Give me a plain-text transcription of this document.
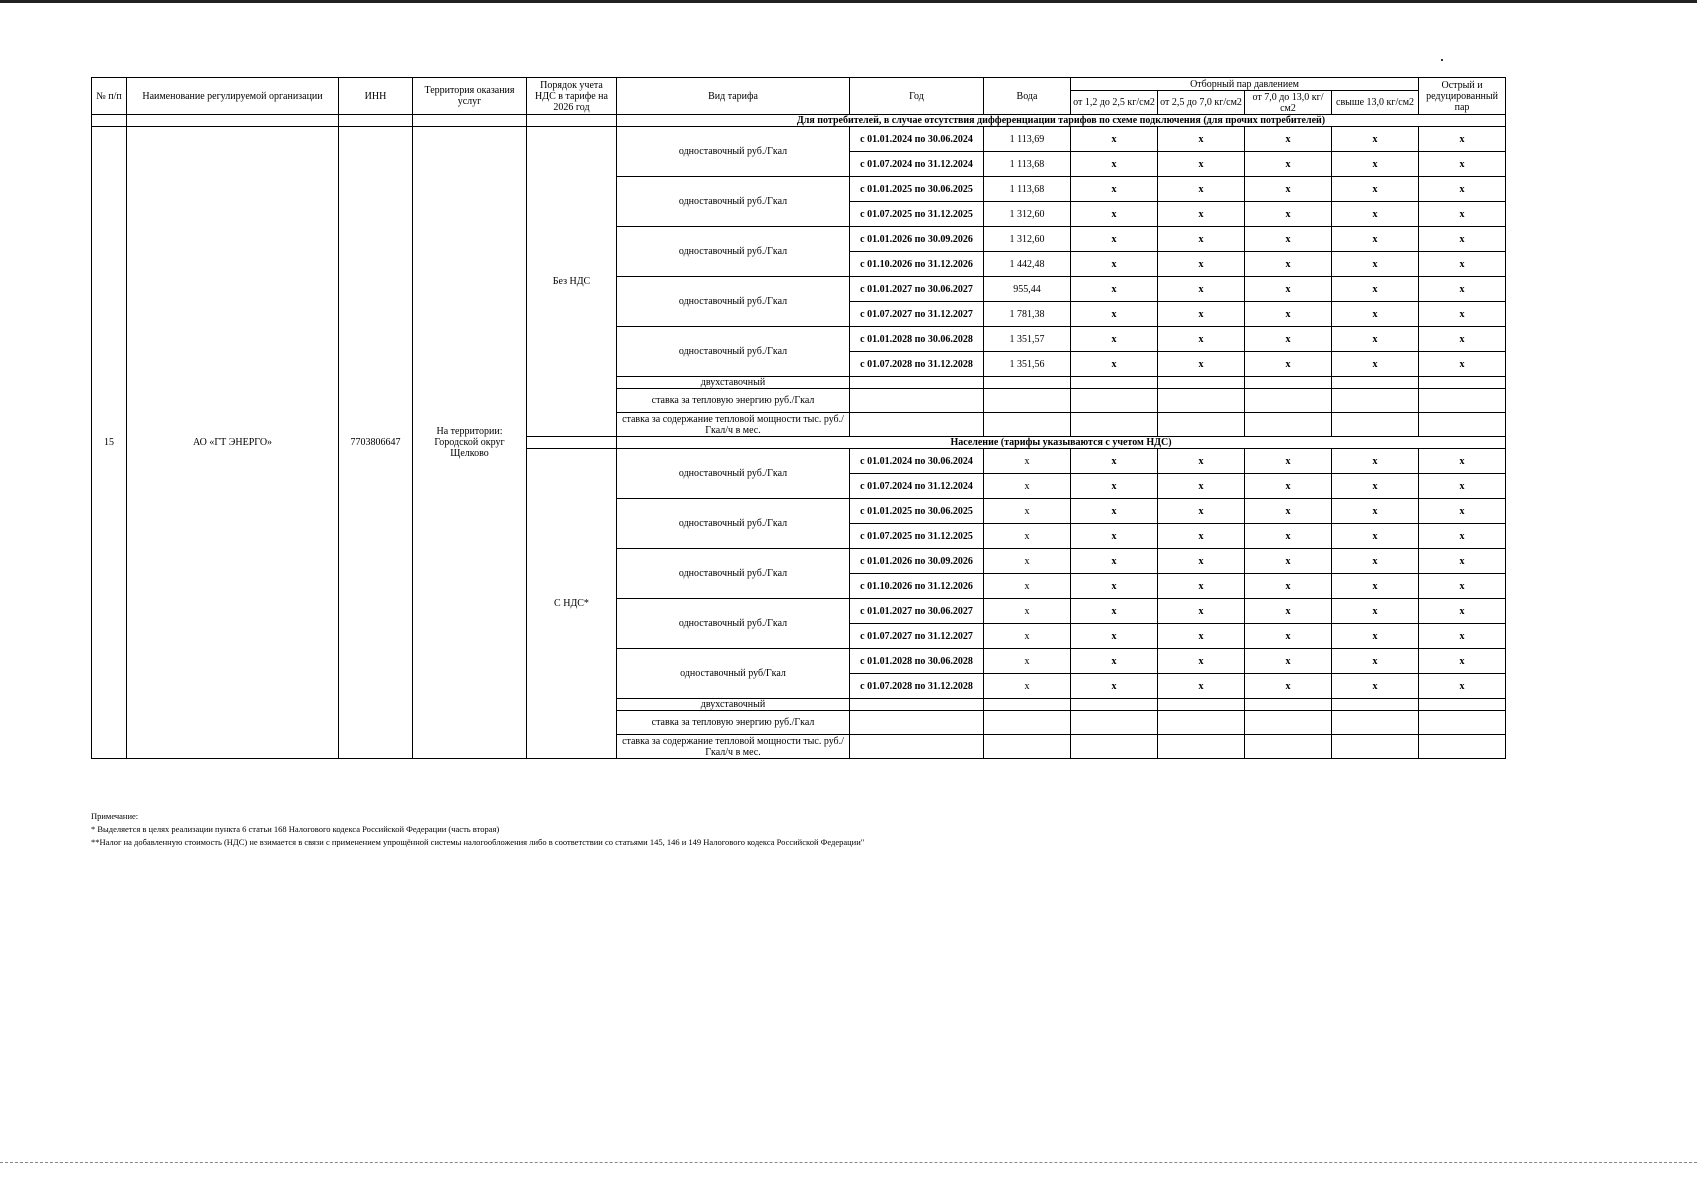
№ п/п	Наименование регулируемой организации	ИНН	Территория оказания услуг	Порядок учета НДС в тарифе на 2026 год	Вид тарифа	Год	Вода	Отборный пар давлением				Острый и редуцированный пар
								от 1,2 до 2,5 кг/см2	от 2,5 до 7,0 кг/см2	от 7,0 до 13,0 кг/см2	свыше 13,0 кг/см2	
					Для потребителей, в случае отсутствия дифференциации тарифов по схеме подключения (для прочих потребителей)							
15	АО «ГТ ЭНЕРГО»	7703806647	На территории: Городской округ Щелково	Без НДС	одноставочный руб./Гкал	с 01.01.2024 по 30.06.2024	1 113,69	x	x	x	x	x
						с 01.07.2024 по 31.12.2024	1 113,68	x	x	x	x	x
					одноставочный руб./Гкал	с 01.01.2025 по 30.06.2025	1 113,68	x	x	x	x	x
						с 01.07.2025 по 31.12.2025	1 312,60	x	x	x	x	x
					одноставочный руб./Гкал	с 01.01.2026 по 30.09.2026	1 312,60	x	x	x	x	x
						с 01.10.2026 по 31.12.2026	1 442,48	x	x	x	x	x
					одноставочный руб./Гкал	с 01.01.2027 по 30.06.2027	955,44	x	x	x	x	x
						с 01.07.2027 по 31.12.2027	1 781,38	x	x	x	x	x
					одноставочный руб./Гкал	с 01.01.2028 по 30.06.2028	1 351,57	x	x	x	x	x
						с 01.07.2028 по 31.12.2028	1 351,56	x	x	x	x	x
					двухставочный							
					ставка за тепловую энергию руб./Гкал							
					ставка за содержание тепловой мощности тыс. руб./Гкал/ч в мес.							
					Население (тарифы указываются с учетом НДС)							
				С НДС*	одноставочный руб./Гкал	с 01.01.2024 по 30.06.2024	x	x	x	x	x	x
						с 01.07.2024 по 31.12.2024	x	x	x	x	x	x
					одноставочный руб./Гкал	с 01.01.2025 по 30.06.2025	x	x	x	x	x	x
						с 01.07.2025 по 31.12.2025	x	x	x	x	x	x
					одноставочный руб./Гкал	с 01.01.2026 по 30.09.2026	x	x	x	x	x	x
						с 01.10.2026 по 31.12.2026	x	x	x	x	x	x
					одноставочный руб./Гкал	с 01.01.2027 по 30.06.2027	x	x	x	x	x	x
						с 01.07.2027 по 31.12.2027	x	x	x	x	x	x
					одноставочный руб/Гкал	с 01.01.2028 по 30.06.2028	x	x	x	x	x	x
						с 01.07.2028 по 31.12.2028	x	x	x	x	x	x
					двухставочный							
					ставка за тепловую энергию руб./Гкал							
					ставка за содержание тепловой мощности тыс. руб./Гкал/ч в мес.							
Примечание:
* Выделяется в целях реализации пункта 6 статьи 168 Налогового кодекса Российской Федерации (часть вторая)
**Налог на добавленную стоимость (НДС) не взимается в связи с применением упрощённой системы налогообложения либо в соответствии со статьями 145, 146 и 149 Налогового кодекса Российской Федерации"
